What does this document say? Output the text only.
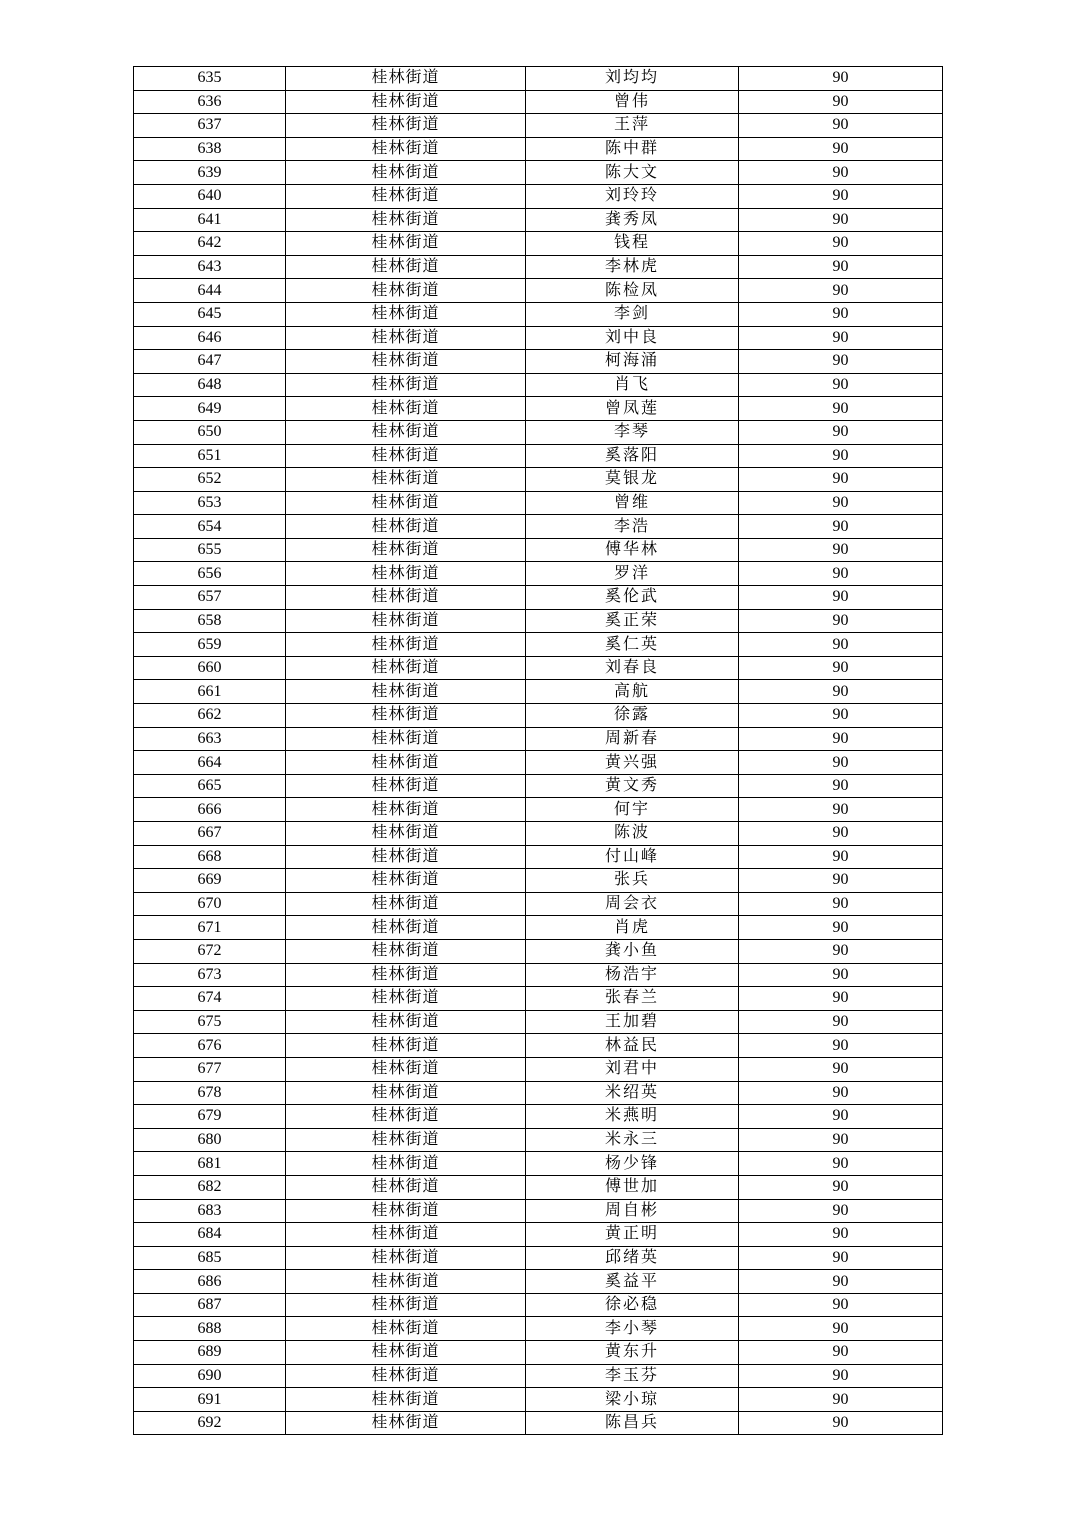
635	桂林街道	刘均均	90
636	桂林街道	曾伟	90
637	桂林街道	王萍	90
638	桂林街道	陈中群	90
639	桂林街道	陈大文	90
640	桂林街道	刘玲玲	90
641	桂林街道	龚秀凤	90
642	桂林街道	钱程	90
643	桂林街道	李林虎	90
644	桂林街道	陈检凤	90
645	桂林街道	李剑	90
646	桂林街道	刘中良	90
647	桂林街道	柯海涌	90
648	桂林街道	肖飞	90
649	桂林街道	曾凤莲	90
650	桂林街道	李琴	90
651	桂林街道	奚落阳	90
652	桂林街道	莫银龙	90
653	桂林街道	曾维	90
654	桂林街道	李浩	90
655	桂林街道	傅华林	90
656	桂林街道	罗洋	90
657	桂林街道	奚伦武	90
658	桂林街道	奚正荣	90
659	桂林街道	奚仁英	90
660	桂林街道	刘春良	90
661	桂林街道	高航	90
662	桂林街道	徐露	90
663	桂林街道	周新春	90
664	桂林街道	黄兴强	90
665	桂林街道	黄文秀	90
666	桂林街道	何宇	90
667	桂林街道	陈波	90
668	桂林街道	付山峰	90
669	桂林街道	张兵	90
670	桂林街道	周会衣	90
671	桂林街道	肖虎	90
672	桂林街道	龚小鱼	90
673	桂林街道	杨浩宇	90
674	桂林街道	张春兰	90
675	桂林街道	王加碧	90
676	桂林街道	林益民	90
677	桂林街道	刘君中	90
678	桂林街道	米绍英	90
679	桂林街道	米燕明	90
680	桂林街道	米永三	90
681	桂林街道	杨少锋	90
682	桂林街道	傅世加	90
683	桂林街道	周自彬	90
684	桂林街道	黄正明	90
685	桂林街道	邱绪英	90
686	桂林街道	奚益平	90
687	桂林街道	徐必稳	90
688	桂林街道	李小琴	90
689	桂林街道	黄东升	90
690	桂林街道	李玉芬	90
691	桂林街道	梁小琼	90
692	桂林街道	陈昌兵	90
